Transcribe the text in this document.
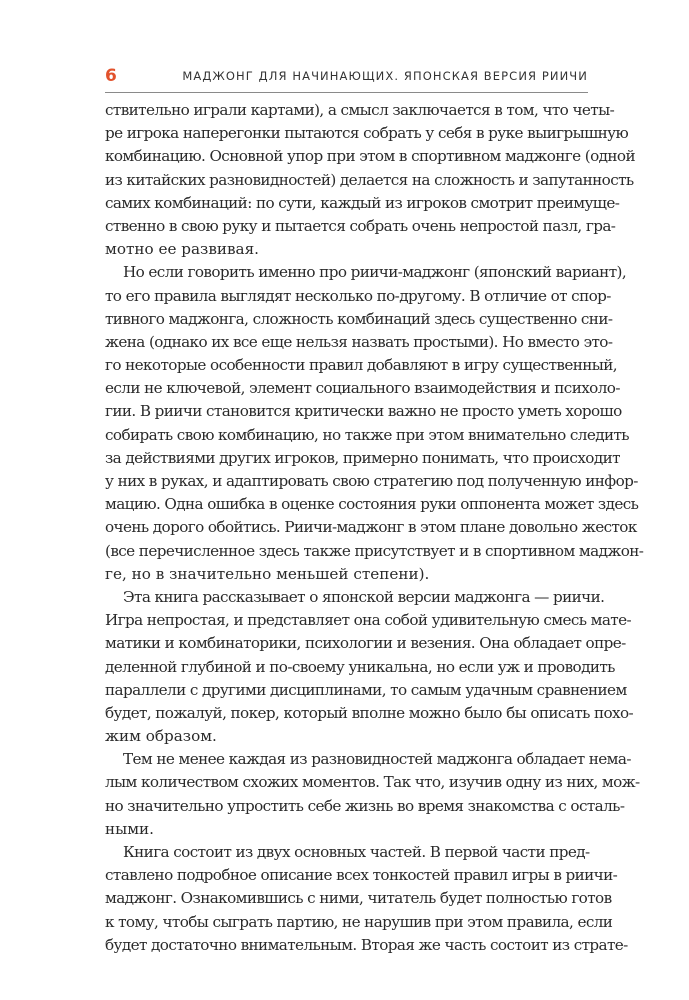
6	МАДЖОНГ ДЛЯ НАЧИНАЮЩИХ. ЯПОНСКАЯ ВЕРСИЯ РИИЧИ
ствительно играли картами), а смысл заключается в том, что четы-
ре игрока наперегонки пытаются собрать у себя в руке выигрышную
комбинацию. Основной упор при этом в спортивном маджонге (одной
из китайских разновидностей) делается на сложность и запутанность
самих комбинаций: по сути, каждый из игроков смотрит преимуще-
ственно в свою руку и пытается собрать очень непростой пазл, гра-
мотно ее развивая.
Но если говорить именно про риичи-маджонг (японский вариант),
то его правила выглядят несколько по-другому. В отличие от спор-
тивного маджонга, сложность комбинаций здесь существенно сни-
жена (однако их все еще нельзя назвать простыми). Но вместо это-
го некоторые особенности правил добавляют в игру существенный,
если не ключевой, элемент социального взаимодействия и психоло-
гии. В риичи становится критически важно не просто уметь хорошо
собирать свою комбинацию, но также при этом внимательно следить
за действиями других игроков, примерно понимать, что происходит
у них в руках, и адаптировать свою стратегию под полученную инфор-
мацию. Одна ошибка в оценке состояния руки оппонента может здесь
очень дорого обойтись. Риичи-маджонг в этом плане довольно жесток
(все перечисленное здесь также присутствует и в спортивном маджон-
ге, но в значительно меньшей степени).
Эта книга рассказывает о японской версии маджонга — риичи.
Игра непростая, и представляет она собой удивительную смесь мате-
матики и комбинаторики, психологии и везения. Она обладает опре-
деленной глубиной и по-своему уникальна, но если уж и проводить
параллели с другими дисциплинами, то самым удачным сравнением
будет, пожалуй, покер, который вполне можно было бы описать похо-
жим образом.
Тем не менее каждая из разновидностей маджонга обладает нема-
лым количеством схожих моментов. Так что, изучив одну из них, мож-
но значительно упростить себе жизнь во время знакомства с осталь-
ными.
Книга состоит из двух основных частей. В первой части пред-
ставлено подробное описание всех тонкостей правил игры в риичи-
маджонг. Ознакомившись с ними, читатель будет полностью готов
к тому, чтобы сыграть партию, не нарушив при этом правила, если
будет достаточно внимательным. Вторая же часть состоит из страте-
